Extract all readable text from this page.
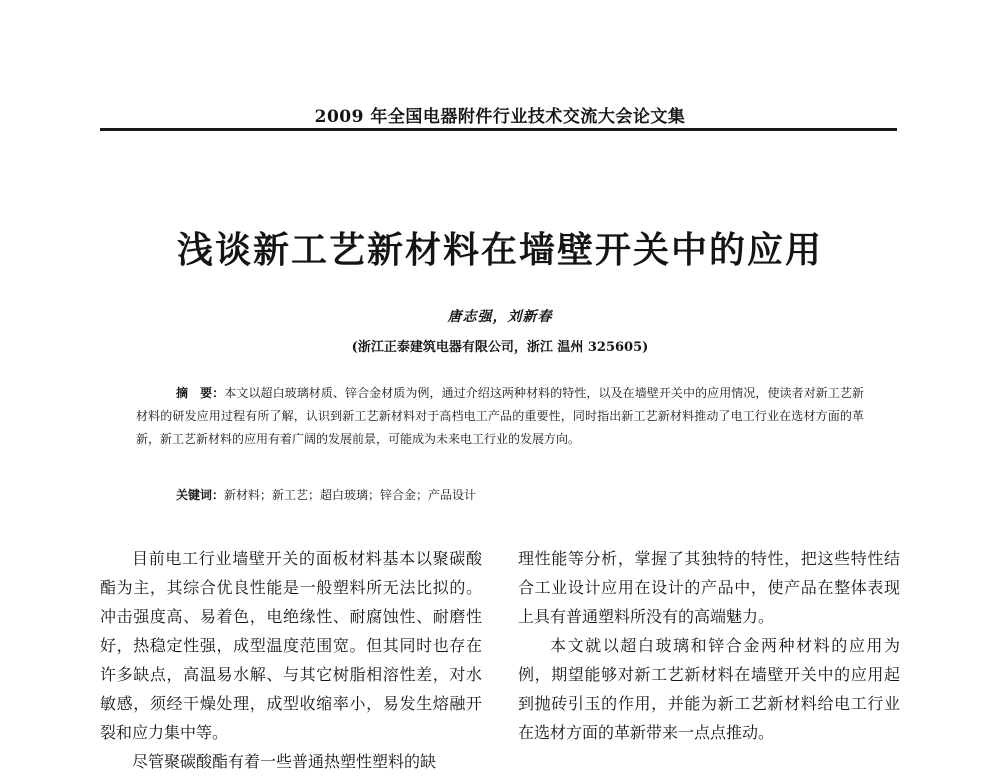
2009 年全国电器附件行业技术交流大会论文集
浅谈新工艺新材料在墙壁开关中的应用
唐志强，刘新春
(浙江正泰建筑电器有限公司，浙江 温州 325605)

摘　要：本文以超白玻璃材质、锌合金材质为例，通过介绍这两种材料的特性，以及在墙壁开关中的应用情况，使读者对新工艺新材料的研发应用过程有所了解，认识到新工艺新材料对于高档电工产品的重要性，同时指出新工艺新材料推动了电工行业在选材方面的革新，新工艺新材料的应用有着广阔的发展前景，可能成为未来电工行业的发展方向。

关键词：新材料；新工艺；超白玻璃；锌合金；产品设计

目前电工行业墙壁开关的面板材料基本以聚碳酸酯为主，其综合优良性能是一般塑料所无法比拟的。冲击强度高、易着色，电绝缘性、耐腐蚀性、耐磨性好，热稳定性强，成型温度范围宽。但其同时也存在许多缺点，高温易水解、与其它树脂相溶性差，对水敏感，须经干燥处理，成型收缩率小，易发生熔融开裂和应力集中等。

尽管聚碳酸酯有着一些普通热塑性塑料的缺

理性能等分析，掌握了其独特的特性，把这些特性结合工业设计应用在设计的产品中，使产品在整体表现上具有普通塑料所没有的高端魅力。

本文就以超白玻璃和锌合金两种材料的应用为例，期望能够对新工艺新材料在墙壁开关中的应用起到抛砖引玉的作用，并能为新工艺新材料给电工行业在选材方面的革新带来一点点推动。
